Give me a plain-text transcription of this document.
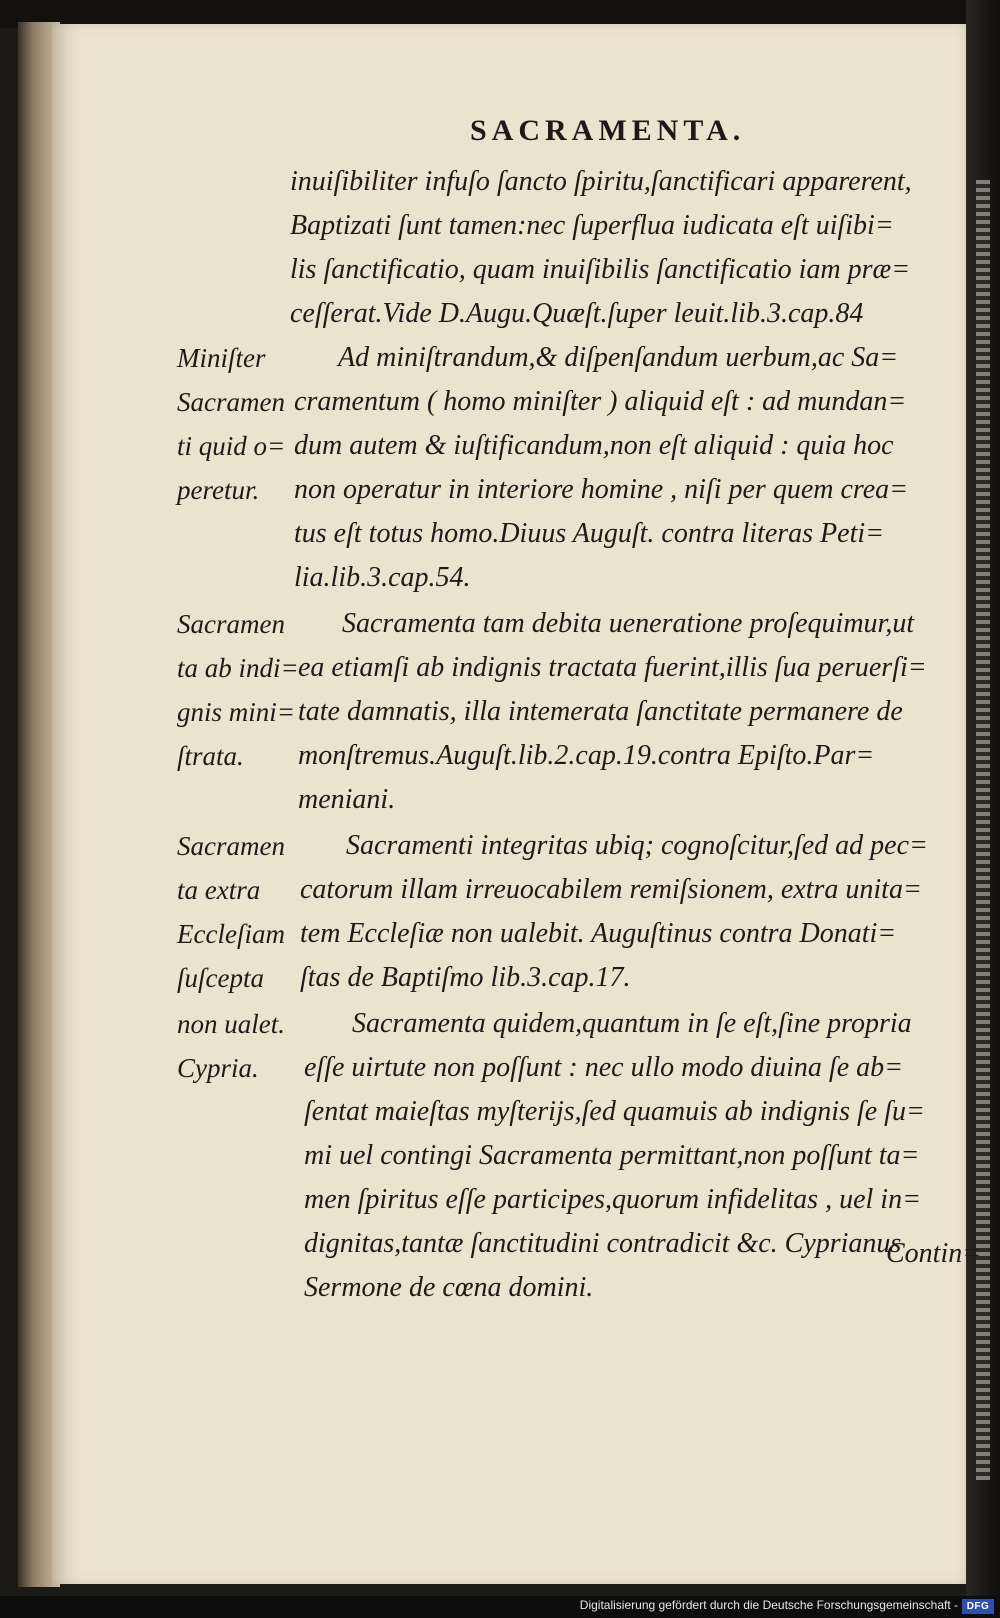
SACRAMENTA.
inuiſibiliter infuſo ſancto ſpiritu,ſanctificari apparerent,
Baptizati ſunt tamen:nec ſuperflua iudicata eſt uiſibi=
lis ſanctificatio, quam inuiſibilis ſanctificatio iam præ=
ceſſerat.Vide D.Augu.Quæſt.ſuper leuit.lib.3.cap.84
Ad miniſtrandum,& diſpenſandum uerbum,ac Sa=
cramentum ( homo miniſter ) aliquid eſt : ad mundan=
dum autem & iuſtificandum,non eſt aliquid : quia hoc
non operatur in interiore homine , niſi per quem crea=
tus eſt totus homo.Diuus Auguſt. contra literas Peti=
lia.lib.3.cap.54.
Sacramenta tam debita ueneratione proſequimur,ut
ea etiamſi ab indignis tractata fuerint,illis ſua peruerſi=
tate damnatis, illa intemerata ſanctitate permanere de
monſtremus.Auguſt.lib.2.cap.19.contra Epiſto.Par=
meniani.
Sacramenti integritas ubiq; cognoſcitur,ſed ad pec=
catorum illam irreuocabilem remiſsionem, extra unita=
tem Eccleſiæ non ualebit. Auguſtinus contra Donati=
ſtas de Baptiſmo lib.3.cap.17.
Sacramenta quidem,quantum in ſe eſt,ſine propria
eſſe uirtute non poſſunt : nec ullo modo diuina ſe ab=
ſentat maieſtas myſterijs,ſed quamuis ab indignis ſe ſu=
mi uel contingi Sacramenta permittant,non poſſunt ta=
men ſpiritus eſſe participes,quorum infidelitas , uel in=
dignitas,tantæ ſanctitudini contradicit &c. Cyprianus
Sermone de cœna domini.
Miniſter
Sacramen
ti quid o=
peretur.
Sacramen
ta ab indi=
gnis mini=
ſtrata.
Sacramen
ta extra
Eccleſiam
ſuſcepta
non ualet.
Cypria.
Contin=
Digitalisierung gefördert durch die Deutsche Forschungsgemeinschaft - DFG
